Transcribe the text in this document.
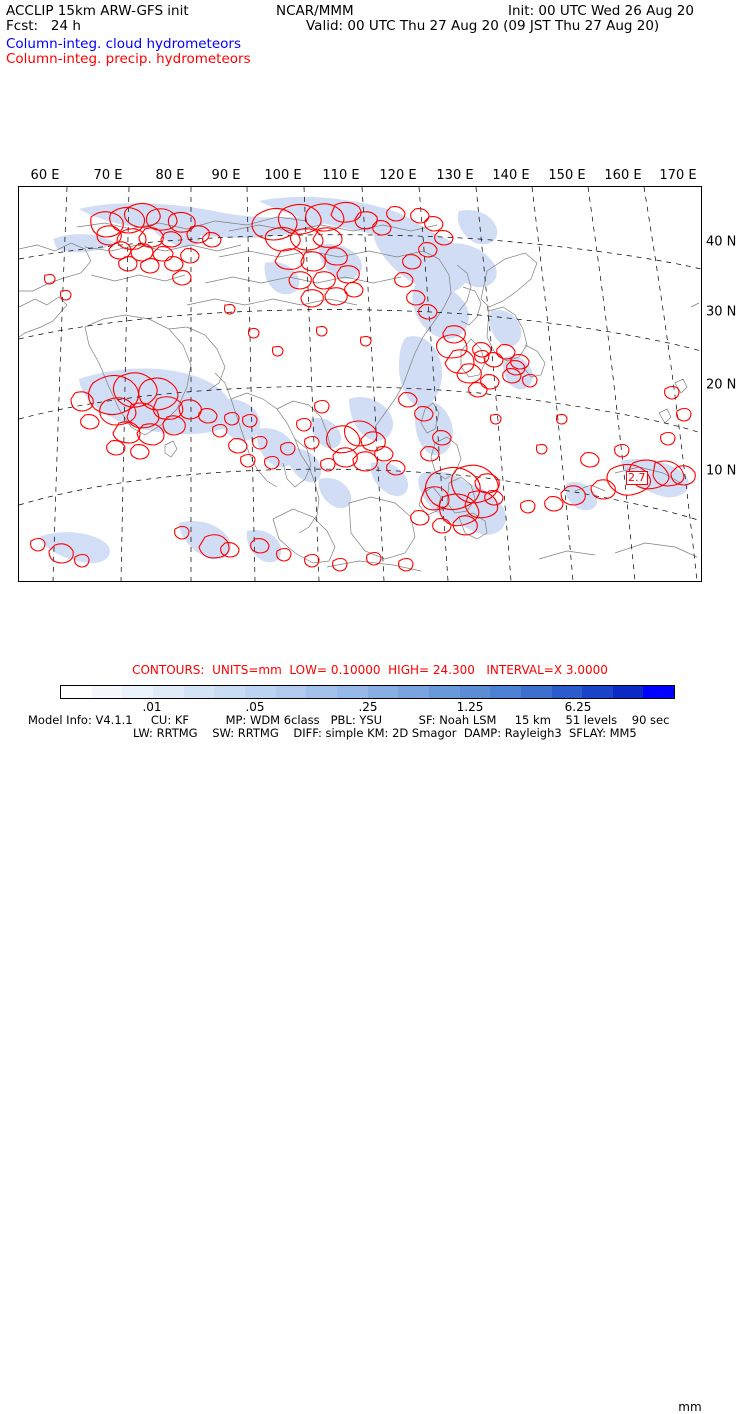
ACCLIP 15km ARW-GFS init	NCAR/MMM	Init: 00 UTC Wed 26 Aug 20
Fcst:   24 h	Valid: 00 UTC Thu 27 Aug 20 (09 JST Thu 27 Aug 20)
Column-integ. cloud hydrometeors
Column-integ. precip. hydrometeors
60 E	70 E	80 E 90 E 100 E 110 E 120 E 130 E 140 E 150 E 160 E 170 E
40 N
30 N
20 N
10 N
2.7
CONTOURS: UNITS=mm LOW= 0.10000 HIGH= 24.300 INTERVAL=X 3.0000
.01	.05	.25	1.25	6.25
mm
Model Info: V4.1.1     CU: KF          MP: WDM 6class   PBL: YSU          SF: Noah LSM     15 km    51 levels    90 sec
LW: RRTMG    SW: RRTMG    DIFF: simple KM: 2D Smagor  DAMP: Rayleigh3  SFLAY: MM5
